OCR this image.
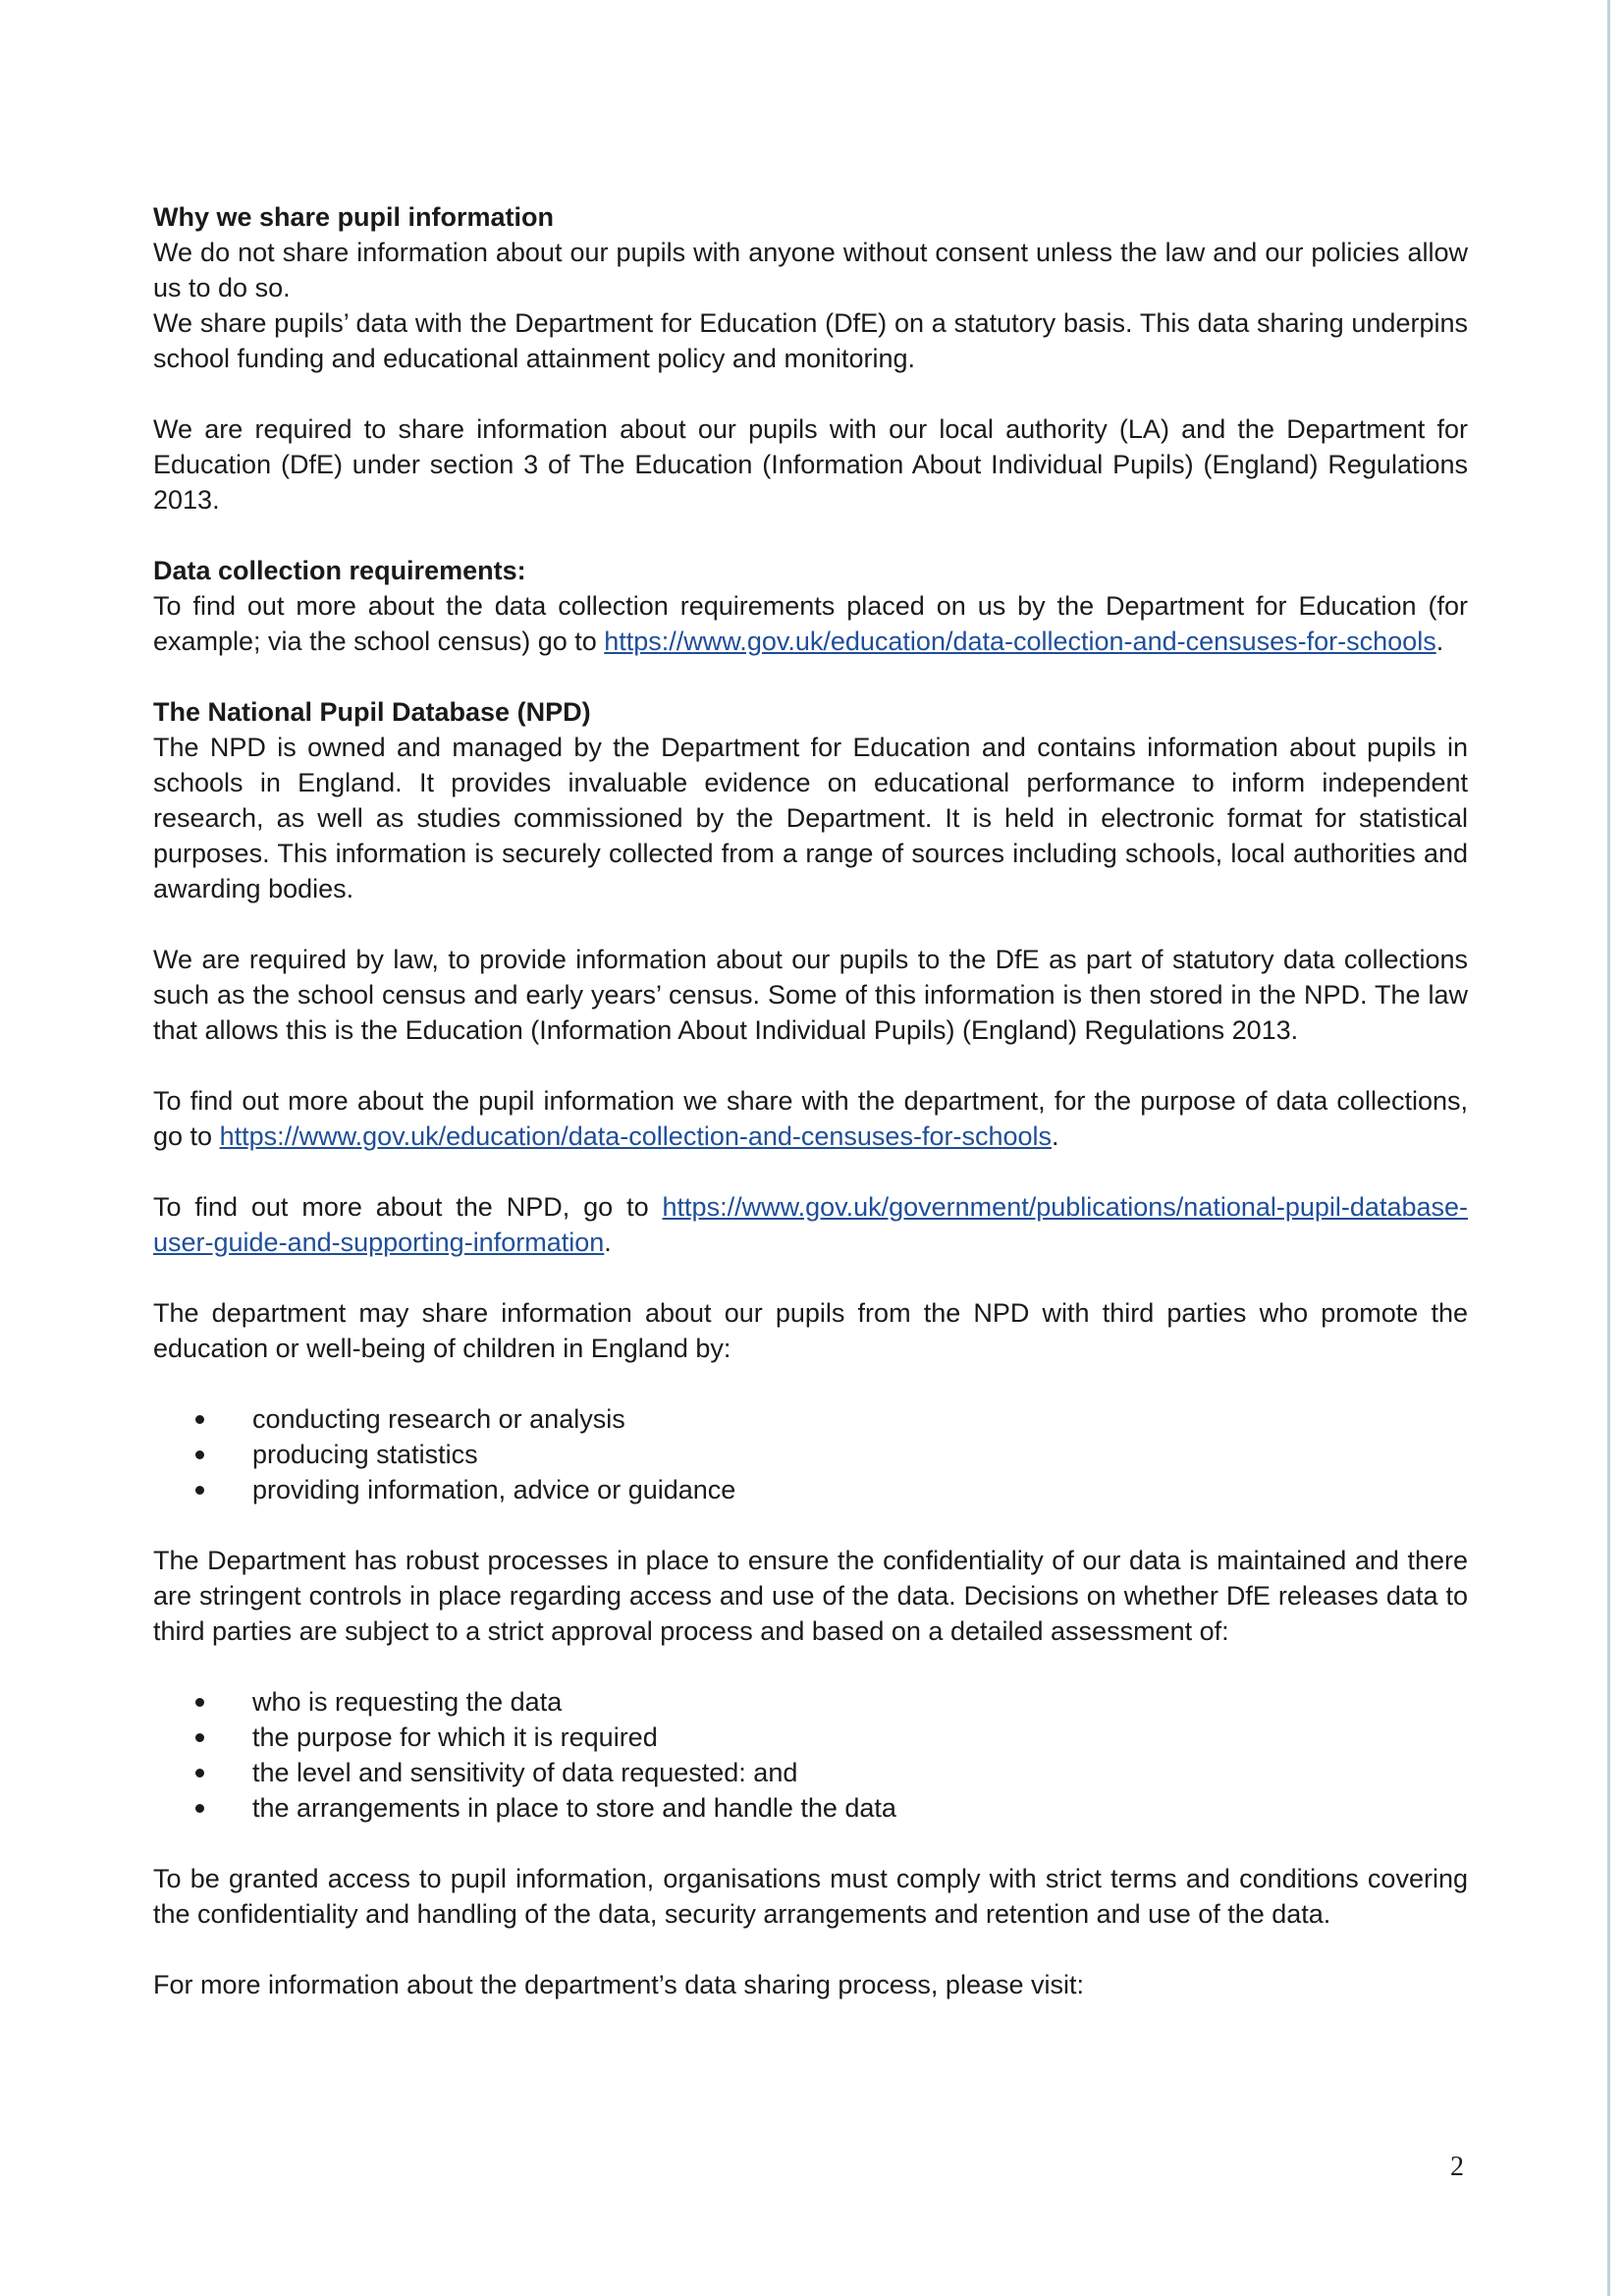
Why we share pupil information

We do not share information about our pupils with anyone without consent unless the law and our policies allow us to do so.

We share pupils’ data with the Department for Education (DfE) on a statutory basis. This data sharing underpins school funding and educational attainment policy and monitoring.

We are required to share information about our pupils with our local authority (LA) and the Department for Education (DfE) under section 3 of The Education (Information About Individual Pupils) (England) Regulations 2013.

Data collection requirements:

To find out more about the data collection requirements placed on us by the Department for Education (for example; via the school census) go to https://www.gov.uk/education/data-collection-and-censuses-for-schools.

The National Pupil Database (NPD)

The NPD is owned and managed by the Department for Education and contains information about pupils in schools in England. It provides invaluable evidence on educational performance to inform independent research, as well as studies commissioned by the Department. It is held in electronic format for statistical purposes. This information is securely collected from a range of sources including schools, local authorities and awarding bodies.

We are required by law, to provide information about our pupils to the DfE as part of statutory data collections such as the school census and early years’ census. Some of this information is then stored in the NPD. The law that allows this is the Education (Information About Individual Pupils) (England) Regulations 2013.

To find out more about the pupil information we share with the department, for the purpose of data collections, go to https://www.gov.uk/education/data-collection-and-censuses-for-schools.

To find out more about the NPD, go to https://www.gov.uk/government/publications/national-pupil-database-user-guide-and-supporting-information.

The department may share information about our pupils from the NPD with third parties who promote the education or well-being of children in England by:

conducting research or analysis
producing statistics
providing information, advice or guidance

The Department has robust processes in place to ensure the confidentiality of our data is maintained and there are stringent controls in place regarding access and use of the data. Decisions on whether DfE releases data to third parties are subject to a strict approval process and based on a detailed assessment of:

who is requesting the data
the purpose for which it is required
the level and sensitivity of data requested: and
the arrangements in place to store and handle the data

To be granted access to pupil information, organisations must comply with strict terms and conditions covering the confidentiality and handling of the data, security arrangements and retention and use of the data.

For more information about the department’s data sharing process, please visit:

2
